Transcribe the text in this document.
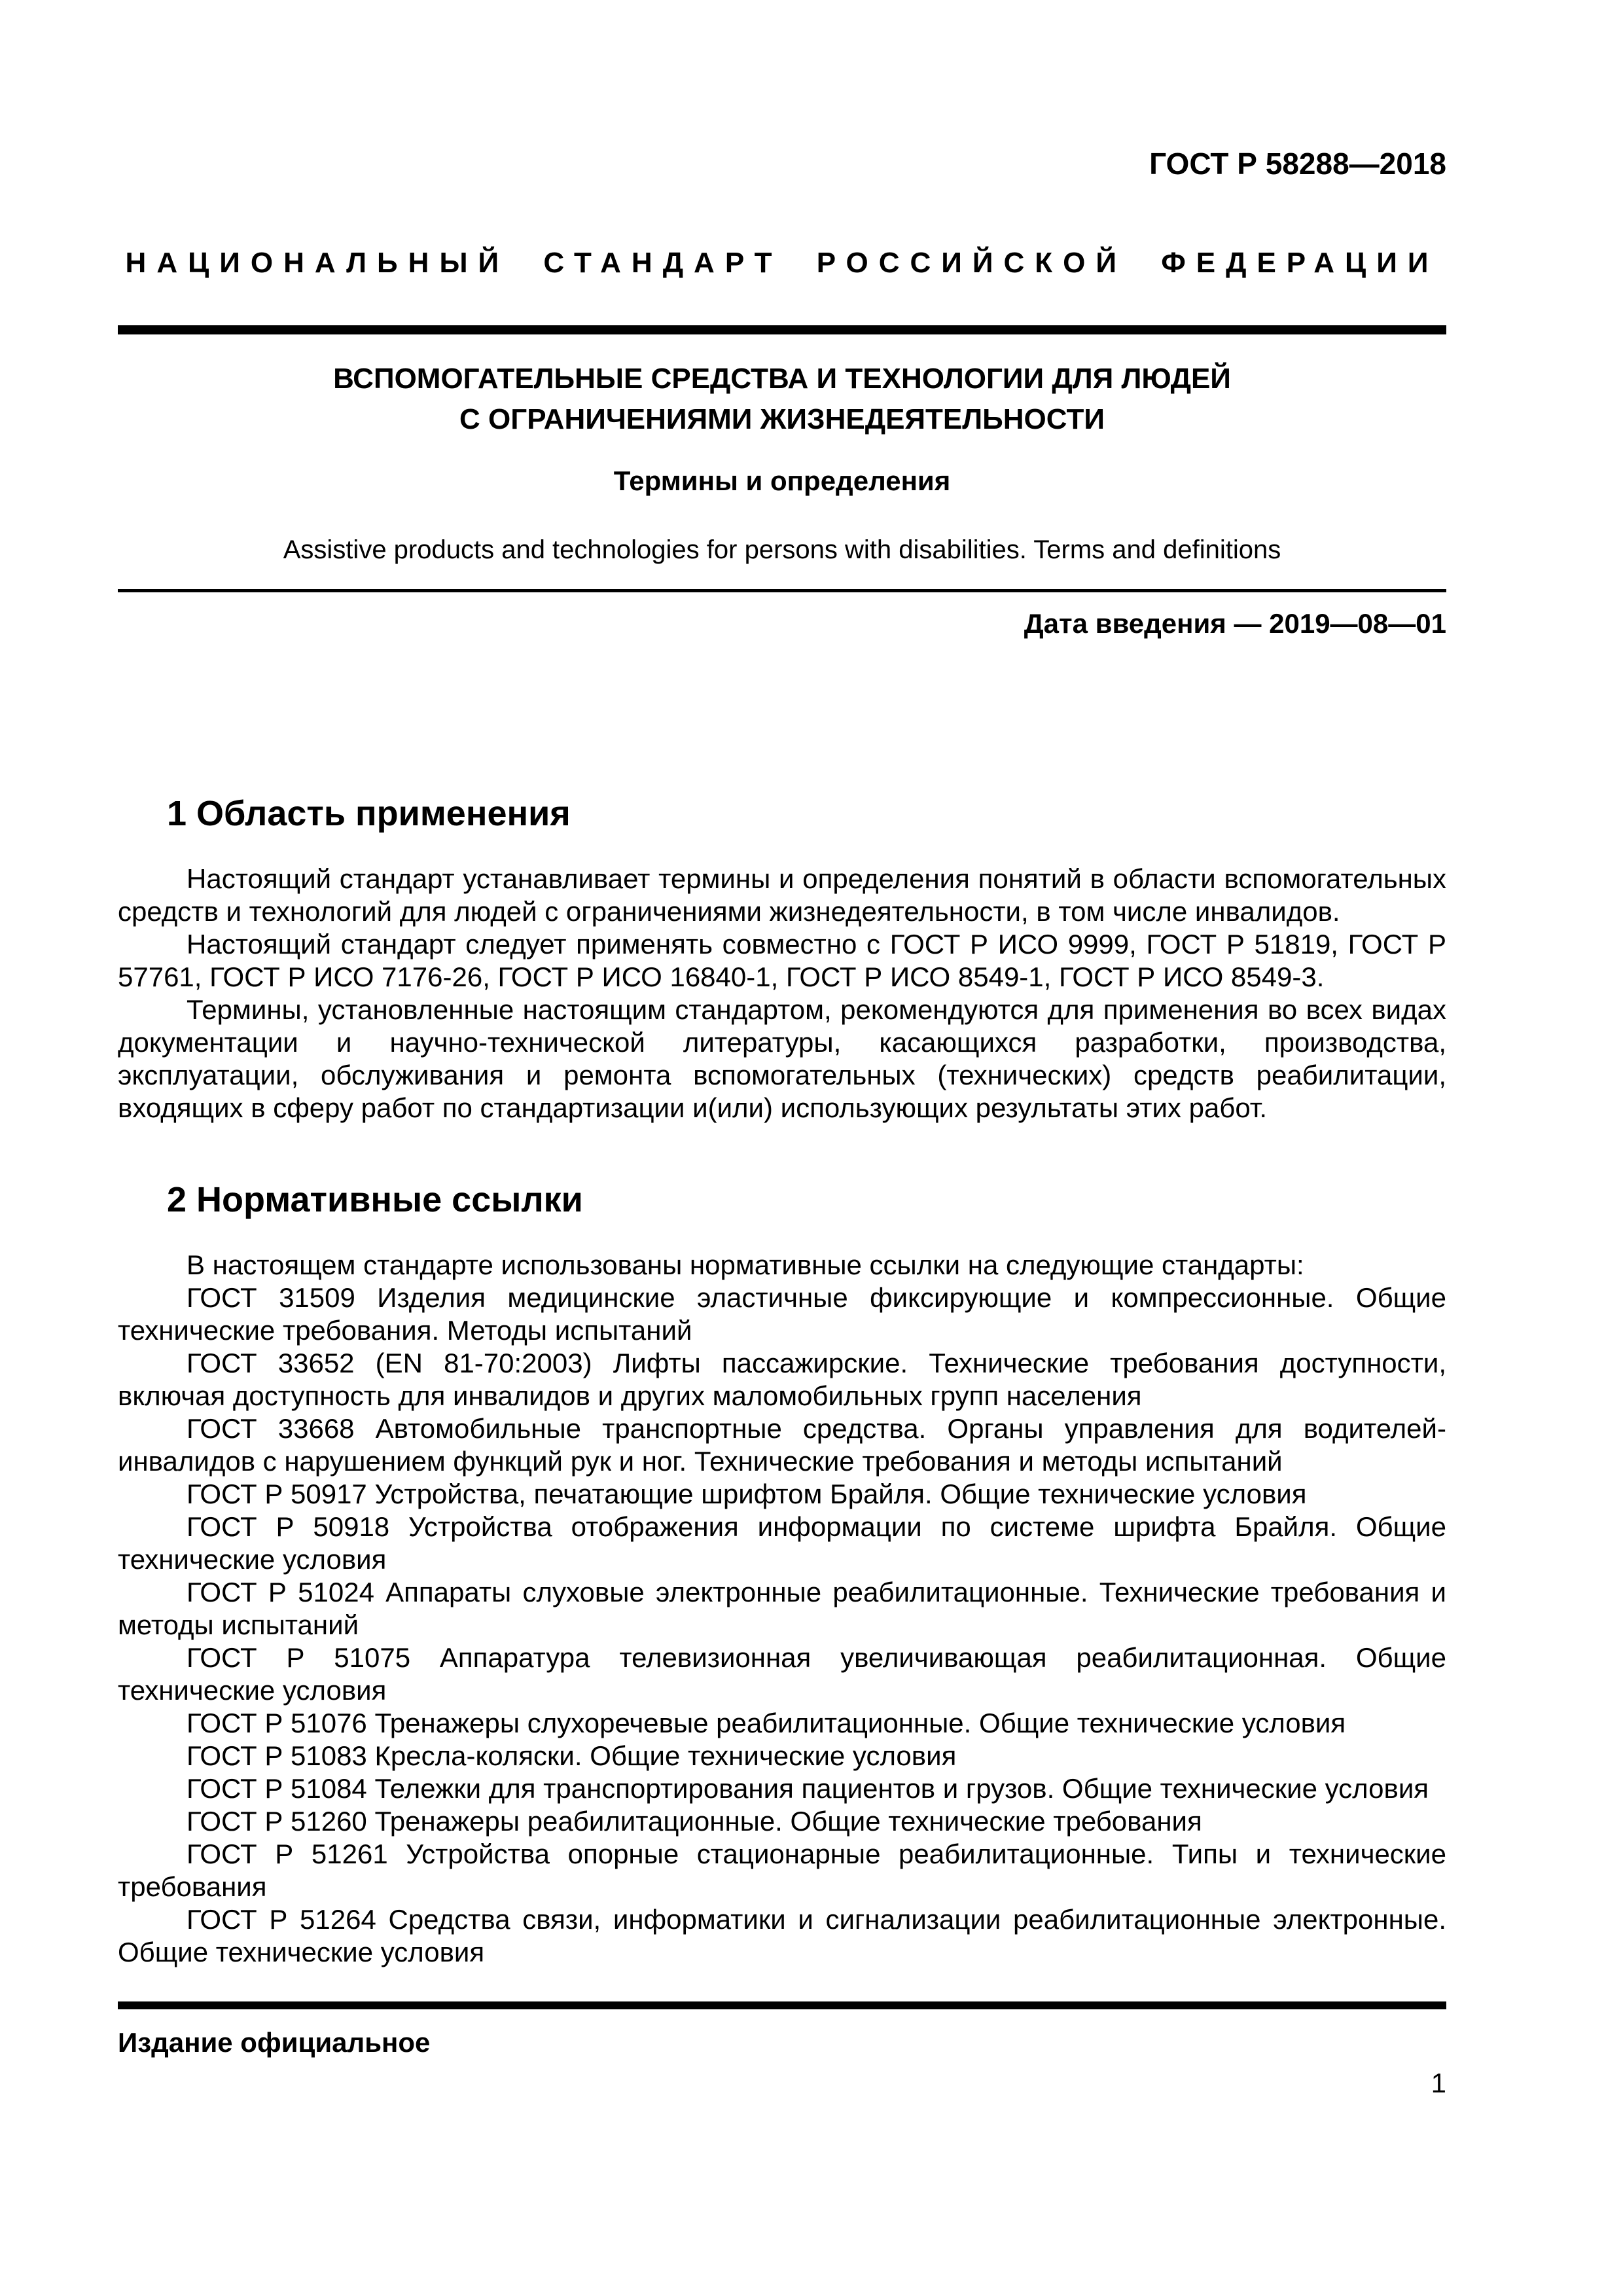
ГОСТ Р 58288—2018
НАЦИОНАЛЬНЫЙ СТАНДАРТ РОССИЙСКОЙ ФЕДЕРАЦИИ
ВСПОМОГАТЕЛЬНЫЕ СРЕДСТВА И ТЕХНОЛОГИИ ДЛЯ ЛЮДЕЙ
С ОГРАНИЧЕНИЯМИ ЖИЗНЕДЕЯТЕЛЬНОСТИ
Термины и определения
Assistive products and technologies for persons with disabilities. Terms and definitions
Дата введения — 2019—08—01
1 Область применения

Настоящий стандарт устанавливает термины и определения понятий в области вспомогательных средств и технологий для людей с ограничениями жизнедеятельности, в том числе инвалидов.

Настоящий стандарт следует применять совместно с ГОСТ Р ИСО 9999, ГОСТ Р 51819, ГОСТ Р 57761, ГОСТ Р ИСО 7176-26, ГОСТ Р ИСО 16840-1, ГОСТ Р ИСО 8549-1, ГОСТ Р ИСО 8549-3.

Термины, установленные настоящим стандартом, рекомендуются для применения во всех видах документации и научно-технической литературы, касающихся разработки, производства, эксплуатации, обслуживания и ремонта вспомогательных (технических) средств реабилитации, входящих в сферу работ по стандартизации и(или) использующих результаты этих работ.

2 Нормативные ссылки

В настоящем стандарте использованы нормативные ссылки на следующие стандарты:

ГОСТ 31509 Изделия медицинские эластичные фиксирующие и компрессионные. Общие технические требования. Методы испытаний

ГОСТ 33652 (EN 81-70:2003) Лифты пассажирские. Технические требования доступности, включая доступность для инвалидов и других маломобильных групп населения

ГОСТ 33668 Автомобильные транспортные средства. Органы управления для водителей-инвалидов с нарушением функций рук и ног. Технические требования и методы испытаний

ГОСТ Р 50917 Устройства, печатающие шрифтом Брайля. Общие технические условия

ГОСТ Р 50918 Устройства отображения информации по системе шрифта Брайля. Общие технические условия

ГОСТ Р 51024 Аппараты слуховые электронные реабилитационные. Технические требования и методы испытаний

ГОСТ Р 51075 Аппаратура телевизионная увеличивающая реабилитационная. Общие технические условия

ГОСТ Р 51076 Тренажеры слухоречевые реабилитационные. Общие технические условия

ГОСТ Р 51083 Кресла-коляски. Общие технические условия

ГОСТ Р 51084 Тележки для транспортирования пациентов и грузов. Общие технические условия

ГОСТ Р 51260 Тренажеры реабилитационные. Общие технические требования

ГОСТ Р 51261 Устройства опорные стационарные реабилитационные. Типы и технические требования

ГОСТ Р 51264 Средства связи, информатики и сигнализации реабилитационные электронные. Общие технические условия

Издание официальное
1
